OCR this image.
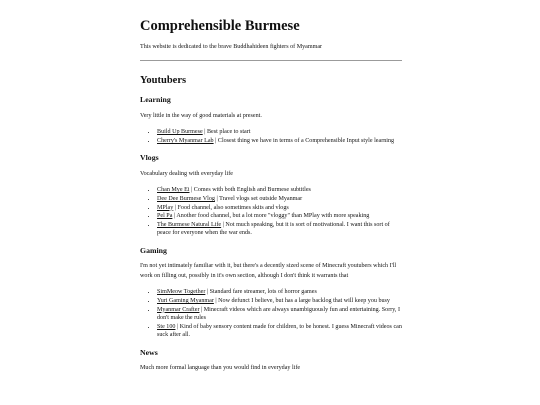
Comprehensible Burmese

This website is dedicated to the brave Buddhahideen fighters of Myammar

Youtubers
Learning

Very little in the way of good materials at present.

• Build Up Burmese | Best place to start
• Cherry's Myanmar Lab | Closest thing we have in terms of a Comprehensible Input style learning
Vlogs

Vocabulary dealing with everyday life

• Chan Mye Ei | Comes with both English and Burmese subtitles
• Dee Dee Burmese Vlog | Travel vlogs set outside Myanmar
• MPlay | Food channel, also sometimes skits and vlogs
• Pel Pa | Another food channel, but a lot more "vloggy" than MPlay with more speaking
• The Burmese Natural Life | Not much speaking, but it is sort of motivational. I want this sort of peace for everyone when the war ends.
Gaming

I'm not yet intimately familiar with it, but there's a decently sized scene of Minecraft youtubers which I'll work on filling out, possibly in it's own section, although I don't think it warrants that

• SimMeow Together | Standard fare streamer, lots of horror games
• Yuri Gaming Myanmar | Now defunct I believe, but has a large backlog that will keep you busy
• Myanmar Crafter | Minecraft videos which are always unambiguously fun and entertaining. Sorry, I don't make the rules
• Ste 100 | Kind of baby sensory content made for children, to be honest. I guess Minecraft videos can suck after all.
News

Much more formal language than you would find in everyday life
